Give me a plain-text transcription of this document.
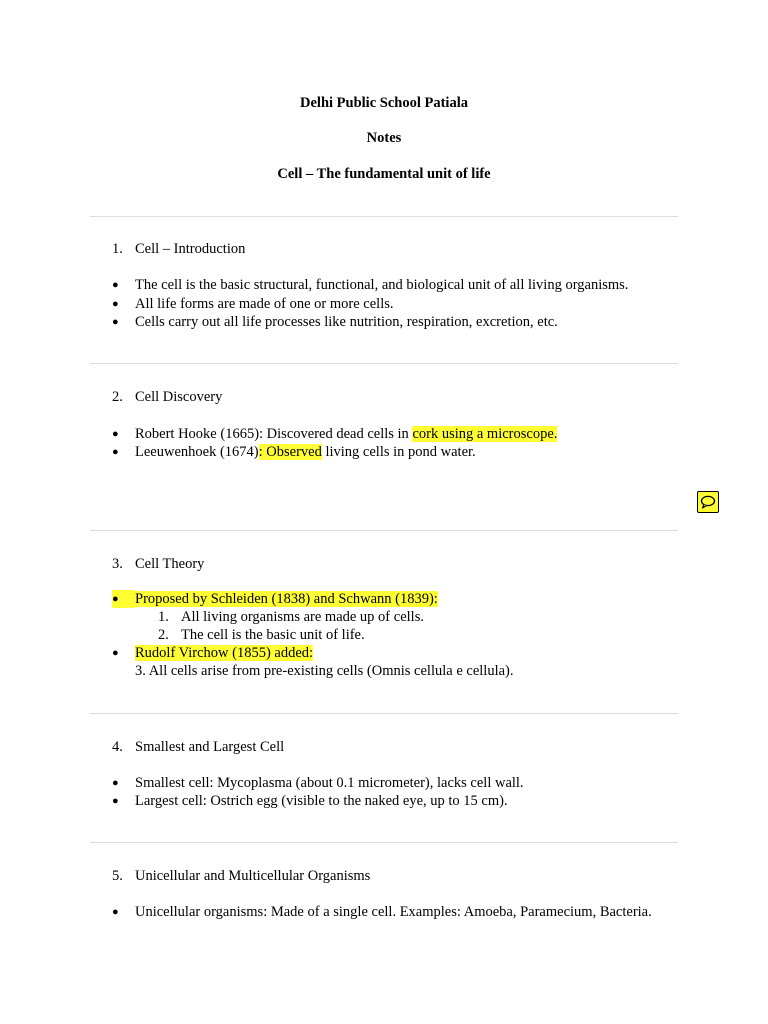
Delhi Public School Patiala
Notes
Cell – The fundamental unit of life
1. Cell – Introduction
● The cell is the basic structural, functional, and biological unit of all living organisms.
● All life forms are made of one or more cells.
● Cells carry out all life processes like nutrition, respiration, excretion, etc.
2. Cell Discovery
● Robert Hooke (1665): Discovered dead cells in cork using a microscope.
● Leeuwenhoek (1674): Observed living cells in pond water.
3. Cell Theory
● Proposed by Schleiden (1838) and Schwann (1839):
1. All living organisms are made up of cells.
2. The cell is the basic unit of life.
● Rudolf Virchow (1855) added:
3. All cells arise from pre-existing cells (Omnis cellula e cellula).
4. Smallest and Largest Cell
● Smallest cell: Mycoplasma (about 0.1 micrometer), lacks cell wall.
● Largest cell: Ostrich egg (visible to the naked eye, up to 15 cm).
5. Unicellular and Multicellular Organisms
● Unicellular organisms: Made of a single cell. Examples: Amoeba, Paramecium, Bacteria.
